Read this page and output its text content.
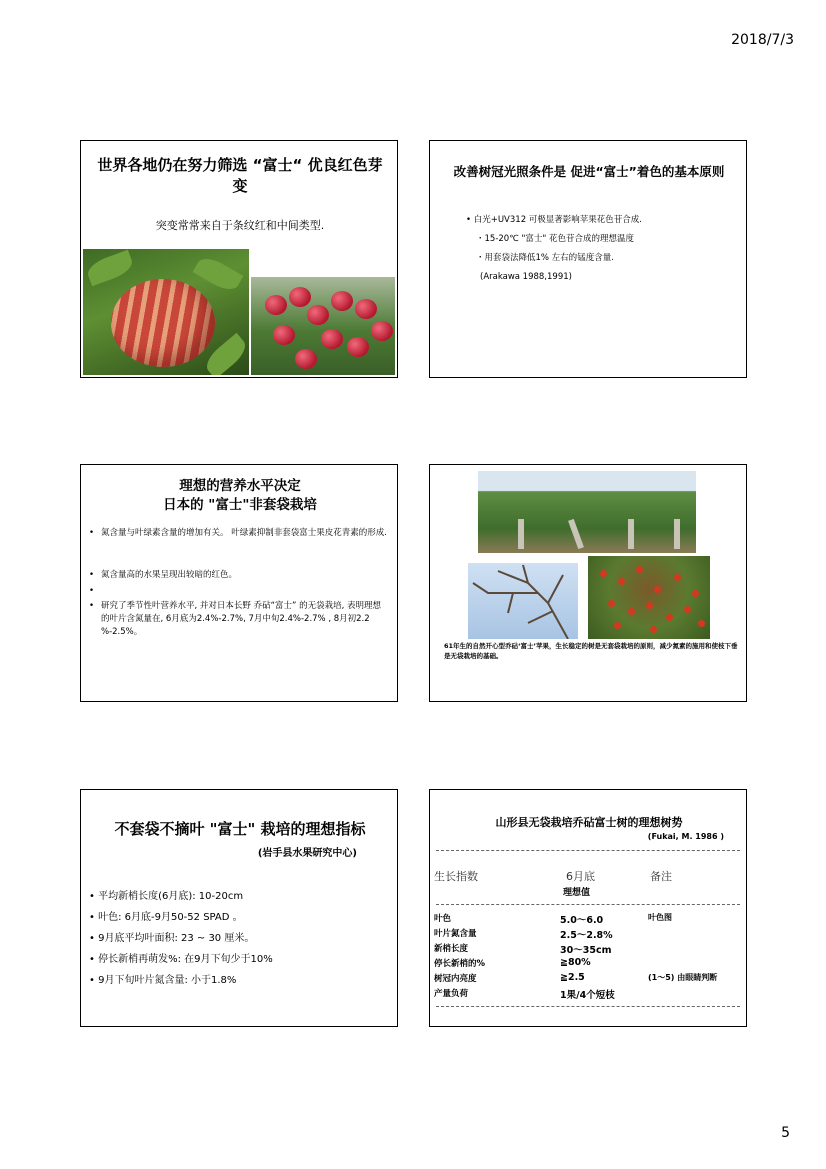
2018/7/3
世界各地仍在努力筛选 “富士“ 优良红色芽变
突变常常来自于条纹红和中间类型.
改善树冠光照条件是 促进“富士”着色的基本原则
• 白光+UV312 可极显著影响苹果花色苷合成.
・15-20℃ "富士" 花色苷合成的理想温度
・用套袋法降低1% 左右的锰度含量.
(Arakawa 1988,1991)
理想的营养水平决定
日本的 "富士"非套袋栽培
• 氮含量与叶绿素含量的增加有关。 叶绿素抑制非套袋富士果皮花青素的形成.
• 氮含量高的水果呈现出较暗的红色。
•
• 研究了季节性叶营养水平, 并对日本长野 乔砧“富士” 的无袋栽培, 表明理想的叶片含氮量在, 6月底为2.4%-2.7%, 7月中旬2.4%-2.7% , 8月初2.2 %-2.5%。
61年生的自然开心型乔砧‘富士’苹果，生长稳定的树是无套袋栽培的原则，减少氮素的施用和使枝下垂是无袋栽培的基础。
不套袋不摘叶 "富士" 栽培的理想指标
(岩手县水果研究中心)
• 平均新梢长度(6月底): 10-20cm
• 叶色: 6月底-9月50-52 SPAD 。
• 9月底平均叶面积: 23 ~ 30 厘米。
• 停长新梢再萌发%: 在9月下旬少于10%
• 9月下旬叶片氮含量: 小于1.8%
山形县无袋栽培乔砧富士树的理想树势
(Fukai, M. 1986 )
生长指数	6月底	备注
理想值
叶色	5.0～6.0	叶色图
叶片氮含量	2.5～2.8%
新梢长度	30～35cm
停长新梢的%	≧80%
树冠内亮度	≧2.5	(1～5) 由眼睛判断
产量负荷	1果/4个短枝
5
